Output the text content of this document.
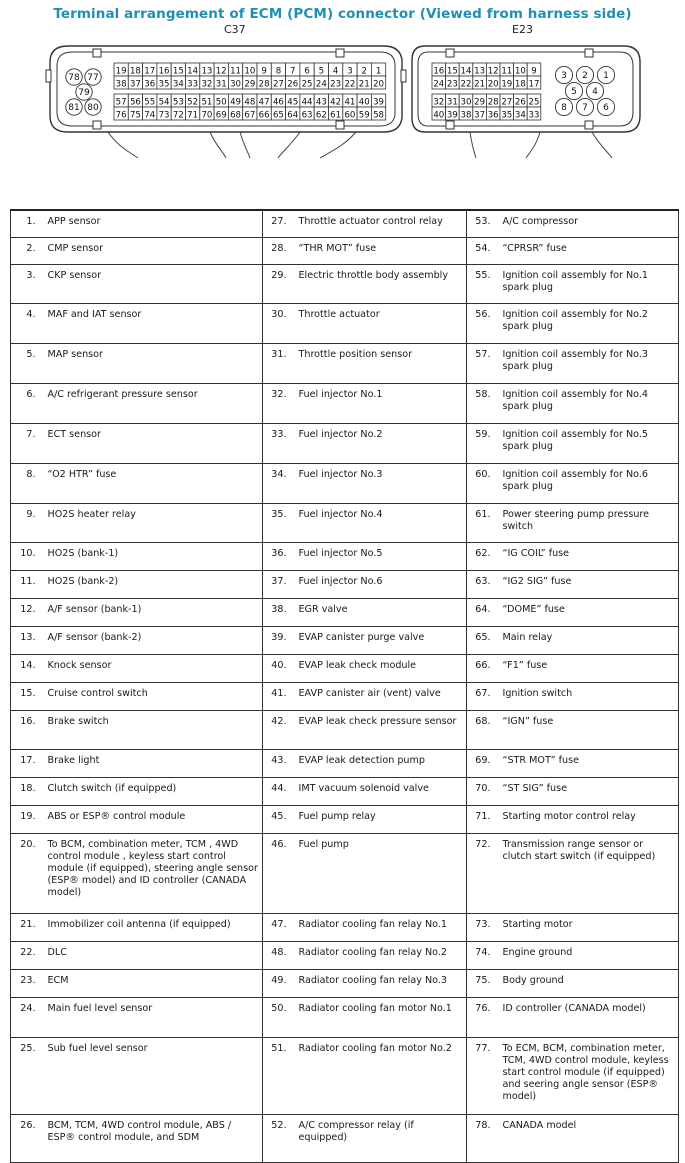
Terminal arrangement of ECM (PCM) connector (Viewed from harness side)
C37	E23
19 18 17 16 15 14 13 12 11 10 9 8 7 6 5 4 3 2 1
38 37 36 35 34 33 32 31 30 29 28 27 26 25 24 23 22 21 20
57 56 55 54 53 52 51 50 49 48 47 46 45 44 43 42 41 40 39
76 75 74 73 72 71 70 69 68 67 66 65 64 63 62 61 60 59 58
78 77
79
81 80
16 15 14 13 12 11 10 9
24 23 22 21 20 19 18 17
32 31 30 29 28 27 26 25
40 39 38 37 36 35 34 33
3 2 1
5 4
8 7 6
1.	APP sensor	27.	Throttle actuator control relay	53.	A/C compressor
2.	CMP sensor	28.	“THR MOT” fuse	54.	“CPRSR” fuse
3.	CKP sensor	29.	Electric throttle body assembly	55.	Ignition coil assembly for No.1 spark plug
4.	MAF and IAT sensor	30.	Throttle actuator	56.	Ignition coil assembly for No.2 spark plug
5.	MAP sensor	31.	Throttle position sensor	57.	Ignition coil assembly for No.3 spark plug
6.	A/C refrigerant pressure sensor	32.	Fuel injector No.1	58.	Ignition coil assembly for No.4 spark plug
7.	ECT sensor	33.	Fuel injector No.2	59.	Ignition coil assembly for No.5 spark plug
8.	“O2 HTR” fuse	34.	Fuel injector No.3	60.	Ignition coil assembly for No.6 spark plug
9.	HO2S heater relay	35.	Fuel injector No.4	61.	Power steering pump pressure switch
10.	HO2S (bank-1)	36.	Fuel injector No.5	62.	“IG COIL” fuse
11.	HO2S (bank-2)	37.	Fuel injector No.6	63.	“IG2 SIG” fuse
12.	A/F sensor (bank-1)	38.	EGR valve	64.	“DOME” fuse
13.	A/F sensor (bank-2)	39.	EVAP canister purge valve	65.	Main relay
14.	Knock sensor	40.	EVAP leak check module	66.	“F1” fuse
15.	Cruise control switch	41.	EAVP canister air (vent) valve	67.	Ignition switch
16.	Brake switch	42.	EVAP leak check pressure sensor	68.	“IGN” fuse
17.	Brake light	43.	EVAP leak detection pump	69.	“STR MOT” fuse
18.	Clutch switch (if equipped)	44.	IMT vacuum solenoid valve	70.	“ST SIG” fuse
19.	ABS or ESP® control module	45.	Fuel pump relay	71.	Starting motor control relay
20.	To BCM, combination meter, TCM , 4WD control module , keyless start control module (if equipped), steering angle sensor (ESP® model) and ID controller (CANADA model)	46.	Fuel pump	72.	Transmission range sensor or clutch start switch (if equipped)
21.	Immobilizer coil antenna (if equipped)	47.	Radiator cooling fan relay No.1	73.	Starting motor
22.	DLC	48.	Radiator cooling fan relay No.2	74.	Engine ground
23.	ECM	49.	Radiator cooling fan relay No.3	75.	Body ground
24.	Main fuel level sensor	50.	Radiator cooling fan motor No.1	76.	ID controller (CANADA model)
25.	Sub fuel level sensor	51.	Radiator cooling fan motor No.2	77.	To ECM, BCM, combination meter, TCM, 4WD control module, keyless start control module (if equipped) and seering angle sensor (ESP® model)
26.	BCM, TCM, 4WD control module, ABS / ESP® control module, and SDM	52.	A/C compressor relay (if equipped)	78.	CANADA model
